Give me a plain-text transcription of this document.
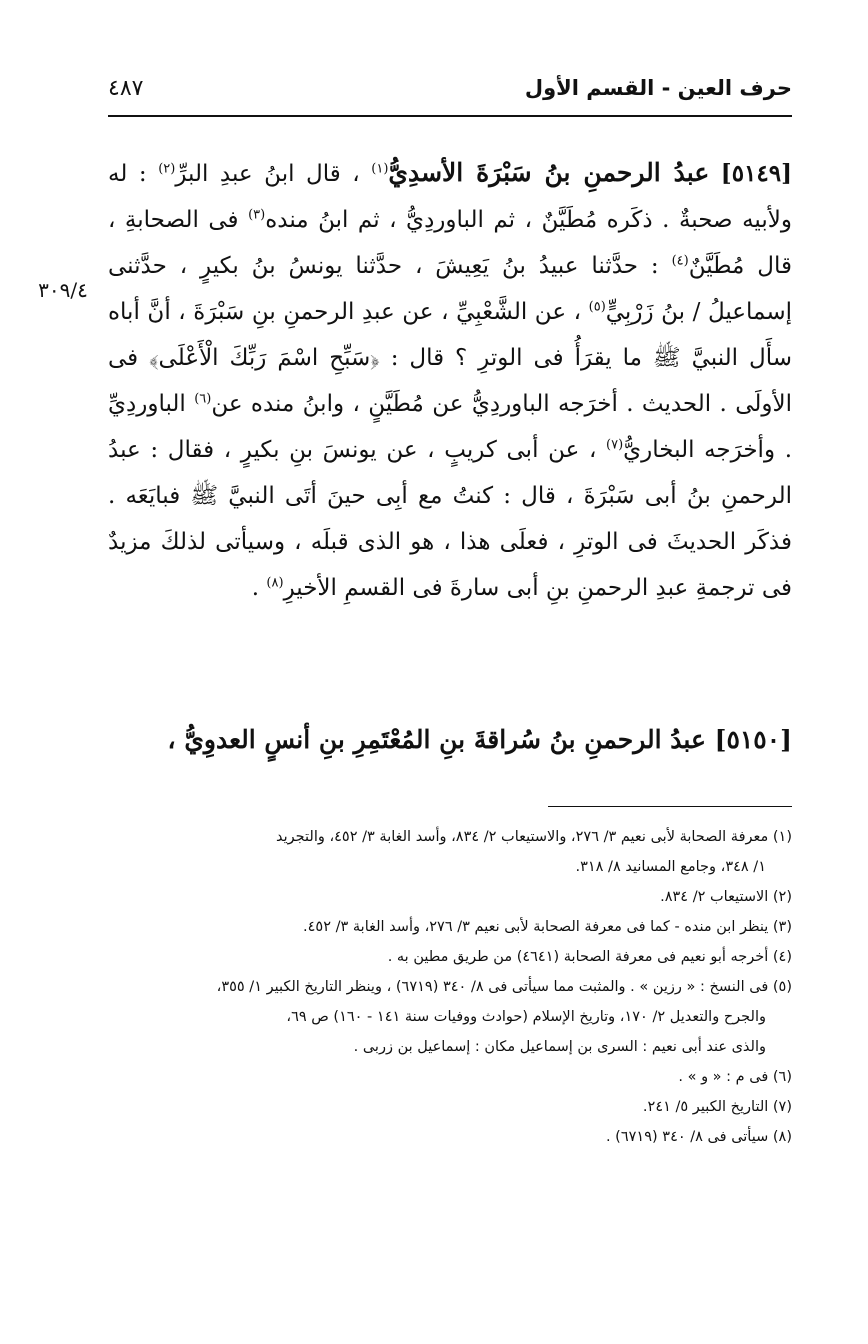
حرف العين - القسم الأول
٤٨٧
٣٠٩/٤

[٥١٤٩] عبدُ الرحمنِ بنُ سَبْرَةَ الأسدِيُّ$^{(١)}$ ، قال ابنُ عبدِ البرِّ$^{(٢)}$ : له ولأبيه صحبةٌ . ذكَره مُطَيَّنٌ ، ثم الباوردِيُّ ، ثم ابنُ منده$^{(٣)}$ فى الصحابةِ ، قال مُطَيَّنٌ$^{(٤)}$ : حدَّثنا عبيدُ بنُ يَعِيشَ ، حدَّثنا يونسُ بنُ بكيرٍ ، حدَّثنى إسماعيلُ / بنُ زَرْبِيٍّ$^{(٥)}$ ، عن الشَّعْبِيِّ ، عن عبدِ الرحمنِ بنِ سَبْرَةَ ، أنَّ أباه سأَل النبيَّ ﷺ ما يقرَأُ فى الوترِ ؟ قال : ﴿سَبِّحِ اسْمَ رَبِّكَ الْأَعْلَى﴾ فى الأولَى . الحديث . أخرَجه الباوردِيُّ عن مُطَيَّنٍ ، وابنُ منده عن$^{(٦)}$ الباوردِيِّ . وأخرَجه البخاريُّ$^{(٧)}$ ، عن أبى كريبٍ ، عن يونسَ بنِ بكيرٍ ، فقال : عبدُ الرحمنِ بنُ أبى سَبْرَةَ ، قال : كنتُ مع أبِى حينَ أتَى النبيَّ ﷺ فبايَعَه . فذكَر الحديثَ فى الوترِ ، فعلَى هذا ، هو الذى قبلَه ، وسيأتى لذلكَ مزيدٌ فى ترجمةِ عبدِ الرحمنِ بنِ أبى سارةَ فى القسمِ الأخيرِ$^{(٨)}$ .

[٥١٥٠] عبدُ الرحمنِ بنُ سُراقةَ بنِ المُعْتَمِرِ بنِ أنسٍ العدوِيُّ ،

(١) معرفة الصحابة لأبى نعيم ٣/ ٢٧٦، والاستيعاب ٢/ ٨٣٤، وأسد الغابة ٣/ ٤٥٢، والتجريد

١/ ٣٤٨، وجامع المسانيد ٨/ ٣١٨.

(٢) الاستيعاب ٢/ ٨٣٤.

(٣) ينظر ابن منده - كما فى معرفة الصحابة لأبى نعيم ٣/ ٢٧٦، وأسد الغابة ٣/ ٤٥٢.

(٤) أخرجه أبو نعيم فى معرفة الصحابة (٤٦٤١) من طريق مطين به .

(٥) فى النسخ : « رزين » . والمثبت مما سيأتى فى ٨/ ٣٤٠ (٦٧١٩) ، وينظر التاريخ الكبير ١/ ٣٥٥،

والجرح والتعديل ٢/ ١٧٠، وتاريخ الإسلام (حوادث ووفيات سنة ١٤١ - ١٦٠) ص ٦٩،

والذى عند أبى نعيم : السرى بن إسماعيل مكان : إسماعيل بن زربى .

(٦) فى م : « و » .

(٧) التاريخ الكبير ٥/ ٢٤١.

(٨) سيأتى فى ٨/ ٣٤٠ (٦٧١٩) .
